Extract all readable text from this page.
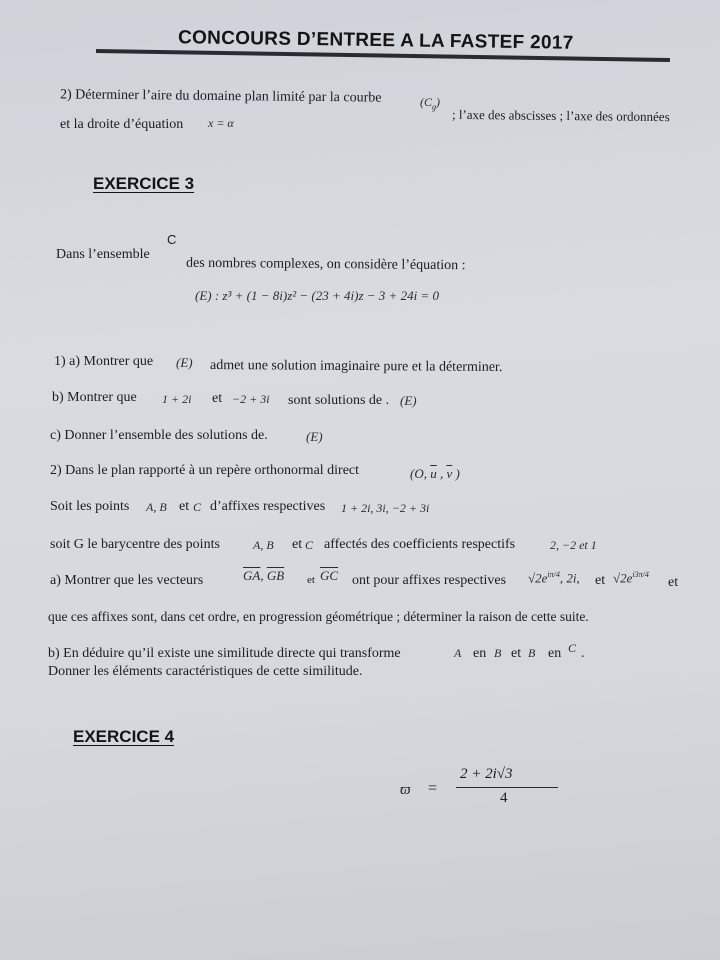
CONCOURS D’ENTREE A LA FASTEF 2017
2) Déterminer l’aire du domaine plan limité par la courbe	$(C_g)$
; l’axe des abscisses ; l’axe des ordonnées
et la droite d’équation x = α
EXERCICE 3
C
Dans l’ensemble
des nombres complexes, on considère l’équation :
(E) : z³ + (1 − 8i)z² − (23 + 4i)z − 3 + 24i = 0
1) a) Montrer que (E) admet une solution imaginaire pure et la déterminer.
b) Montrer que 1 + 2i et −2 + 3i sont solutions de . (E)
c) Donner l’ensemble des solutions de.	(E)
2) Dans le plan rapporté à un repère orthonormal direct	(O, $\overline{u}$ , $\overline{v}$ )
Soit les points A, B et C d’affixes respectives 1 + 2i, 3i, −2 + 3i
soit G le barycentre des points	A, B et C affectés des coefficients respectifs	2, −2 et 1
a) Montrer que les vecteurs	$\overline{GA}$, $\overline{GB}$ et $\overline{GC}$ ont pour affixes respectives $√2e^{i\pi/4}$, 2i, et $√2e^{i3\pi/4}$
et
que ces affixes sont, dans cet ordre, en progression géométrique ; déterminer la raison de cette suite.
b) En déduire qu’il existe une similitude directe qui transforme	A en B et B en C .
Donner les éléments caractéristiques de cette similitude.
EXERCICE 4
ϖ =
2 + 2i√3
4
